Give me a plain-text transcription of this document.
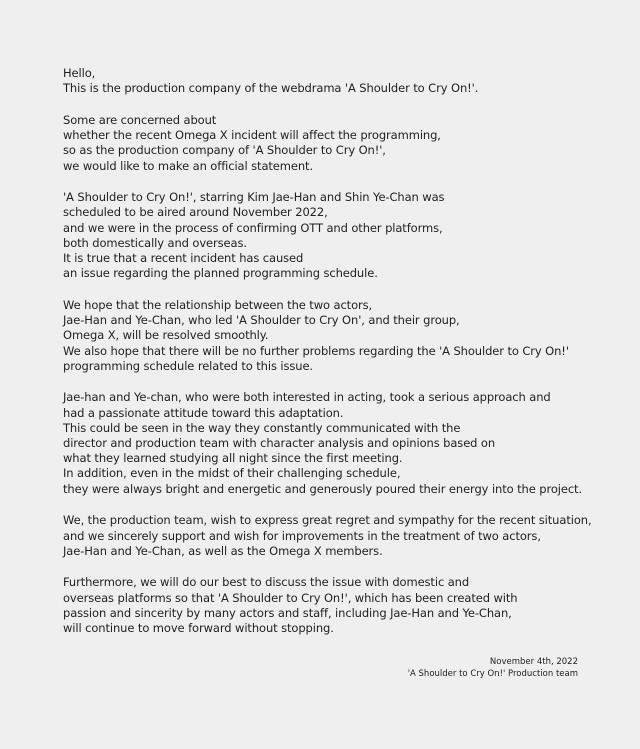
Hello,
This is the production company of the webdrama 'A Shoulder to Cry On!'.
Some are concerned about
whether the recent Omega X incident will affect the programming,
so as the production company of 'A Shoulder to Cry On!',
we would like to make an official statement.
'A Shoulder to Cry On!', starring Kim Jae-Han and Shin Ye-Chan was
scheduled to be aired around November 2022,
and we were in the process of confirming OTT and other platforms,
both domestically and overseas.
It is true that a recent incident has caused
an issue regarding the planned programming schedule.
We hope that the relationship between the two actors,
Jae-Han and Ye-Chan, who led 'A Shoulder to Cry On', and their group,
Omega X, will be resolved smoothly.
We also hope that there will be no further problems regarding the 'A Shoulder to Cry On!'
programming schedule related to this issue.
Jae-han and Ye-chan, who were both interested in acting, took a serious approach and
had a passionate attitude toward this adaptation.
This could be seen in the way they constantly communicated with the
director and production team with character analysis and opinions based on
what they learned studying all night since the first meeting.
In addition, even in the midst of their challenging schedule,
they were always bright and energetic and generously poured their energy into the project.
We, the production team, wish to express great regret and sympathy for the recent situation,
and we sincerely support and wish for improvements in the treatment of two actors,
Jae-Han and Ye-Chan, as well as the Omega X members.
Furthermore, we will do our best to discuss the issue with domestic and
overseas platforms so that 'A Shoulder to Cry On!', which has been created with
passion and sincerity by many actors and staff, including Jae-Han and Ye-Chan,
will continue to move forward without stopping.
November 4th, 2022
'A Shoulder to Cry On!' Production team
